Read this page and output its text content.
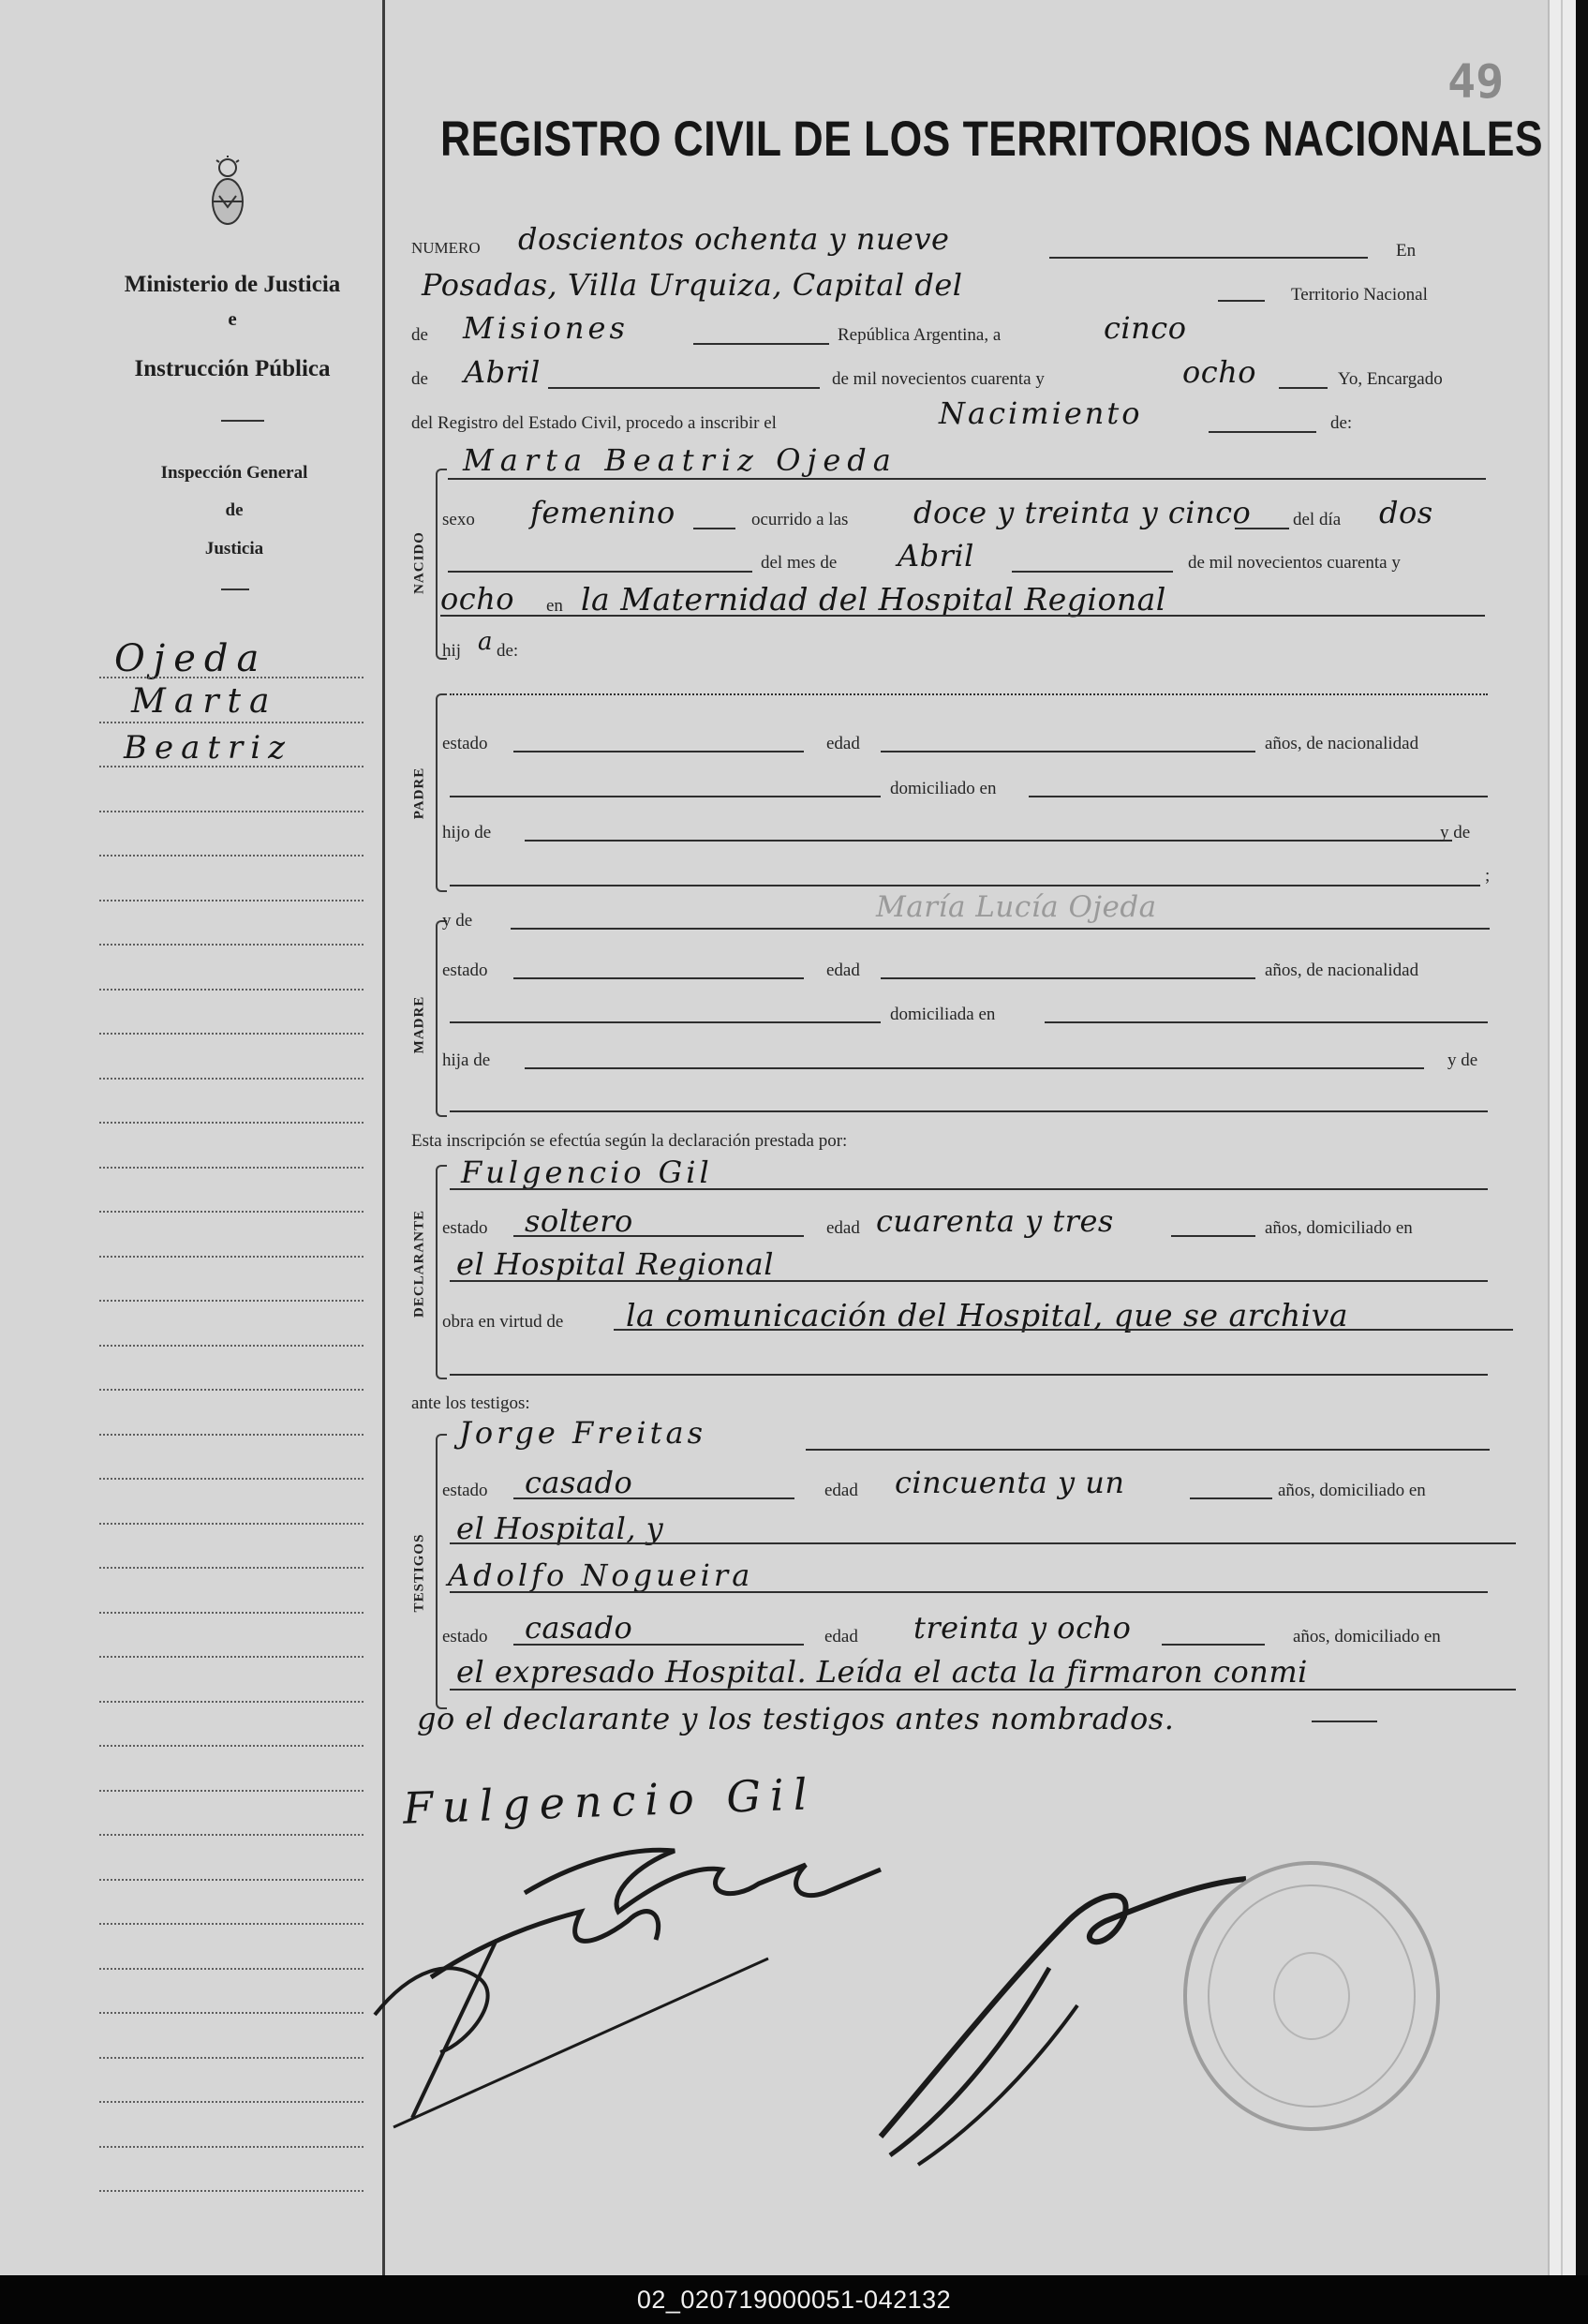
49
Ministerio de Justicia
e
Instrucción Pública
Inspección General
de
Justicia
Ojeda
Marta
Beatriz
REGISTRO CIVIL DE LOS TERRITORIOS NACIONALES
NUMERO doscientos ochenta y nueve	En
Posadas, Villa Urquiza, Capital del	Territorio Nacional
de Misiones	República Argentina, a	cinco
de Abril	de mil novecientos cuarenta y	ocho	Yo, Encargado
del Registro del Estado Civil, procedo a inscribir el	Nacimiento	de:
NACIDO
Marta Beatriz Ojeda
sexo femenino	ocurrido a las doce y treinta y cinco del día dos
del mes de Abril	de mil novecientos cuarenta y
ocho en la Maternidad del Hospital Regional
hij a de:
PADRE
estado	edad	años, de nacionalidad
domiciliado en
hijo de	y de
;
MADRE
y de	María Lucía Ojeda
estado	edad	años, de nacionalidad
domiciliada en
hija de	y de
Esta inscripción se efectúa según la declaración prestada por:
DECLARANTE
Fulgencio Gil
estado soltero	edad cuarenta y tres	años, domiciliado en
el Hospital Regional
obra en virtud de la comunicación del Hospital, que se archiva
ante los testigos:
TESTIGOS
Jorge Freitas
estado casado	edad cincuenta y un	años, domiciliado en
el Hospital, y
Adolfo Nogueira
estado casado	edad treinta y ocho	años, domiciliado en
el expresado Hospital. Leída el acta la firmaron conmi
go el declarante y los testigos antes nombrados.
Fulgencio Gil
02_020719000051-042132
